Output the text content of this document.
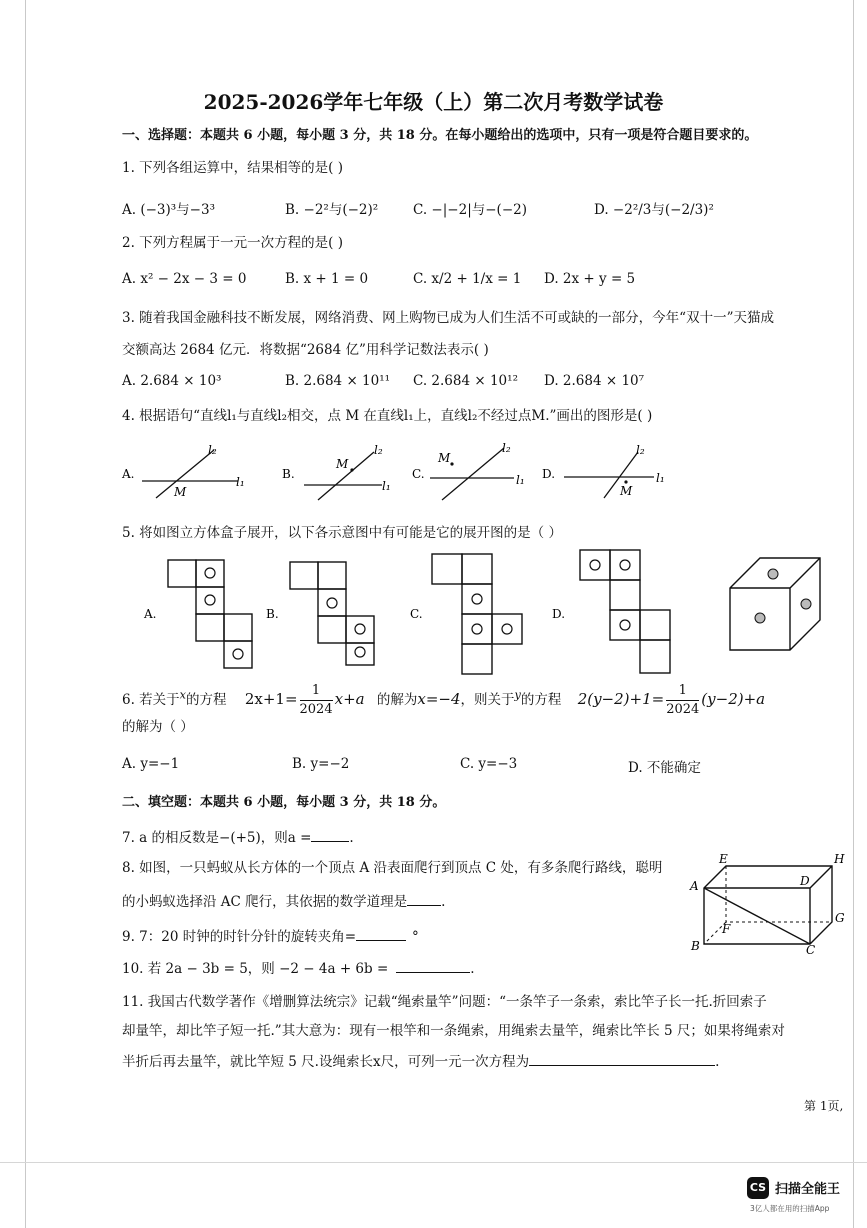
2025-2026学年七年级（上）第二次月考数学试卷
一、选择题：本题共 6 小题，每小题 3 分，共 18 分。在每小题给出的选项中，只有一项是符合题目要求的。
1. 下列各组运算中，结果相等的是( )
A. (−3)³与−3³	B. −2²与(−2)²	C. −|−2|与−(−2)	D. −2²/3与(−2/3)²
2. 下列方程属于一元一次方程的是( )
A. x² − 2x − 3 = 0	B. x + 1 = 0	C. x/2 + 1/x = 1 D. 2x + y = 5
3. 随着我国金融科技不断发展，网络消费、网上购物已成为人们生活不可或缺的一部分，今年“双十一”天猫成
交额高达 2684 亿元．将数据“2684 亿”用科学记数法表示( )
A. 2.684 × 10³	B. 2.684 × 10¹¹ C. 2.684 × 10¹² D. 2.684 × 10⁷
4. 根据语句“直线l₁与直线l₂相交，点 M 在直线l₁上，直线l₂不经过点M.”画出的图形是( )
A.
l₂
l₁
M
B.
M
l₂
l₁
C.
M
l₂
l₁ D.
M
l₂
l₁
5. 将如图立方体盒子展开，以下各示意图中有可能是它的展开图的是（ ）
A.	B.	C.	D.
6. 若关于$^x$的方程 $2x+1= \frac{1}{2024} x+a$ 的解为x=−4，则关于$^y$的方程 $2(y-2)+1= \frac{1}{2024} (y-2)+a$
的解为（ ）
A. y=−1	B. y=−2	C. y=−3	D. 不能确定
二、填空题：本题共 6 小题，每小题 3 分，共 18 分。
7. a 的相反数是−(+5)，则a =	.
8. 如图，一只蚂蚁从长方体的一个顶点 A 沿表面爬行到顶点 C 处，有多条爬行路线，聪明
的小蚂蚁选择沿 AC 爬行，其依据的数学道理是	.
E	H
A	D
G
F
B	C
9. 7：20 时钟的时针分针的旋转夹角=	°
10. 若 2a − 3b = 5，则 −2 − 4a + 6b =	.
11. 我国古代数学著作《增删算法统宗》记载“绳索量竿”问题：“一条竿子一条索，索比竿子长一托.折回索子
却量竿，却比竿子短一托.”其大意为：现有一根竿和一条绳索，用绳索去量竿，绳索比竿长 5 尺；如果将绳索对
半折后再去量竿，就比竿短 5 尺.设绳索长x尺，可列一元一次方程为	.
第 1页,
CS 扫描全能王
3亿人都在用的扫描App
